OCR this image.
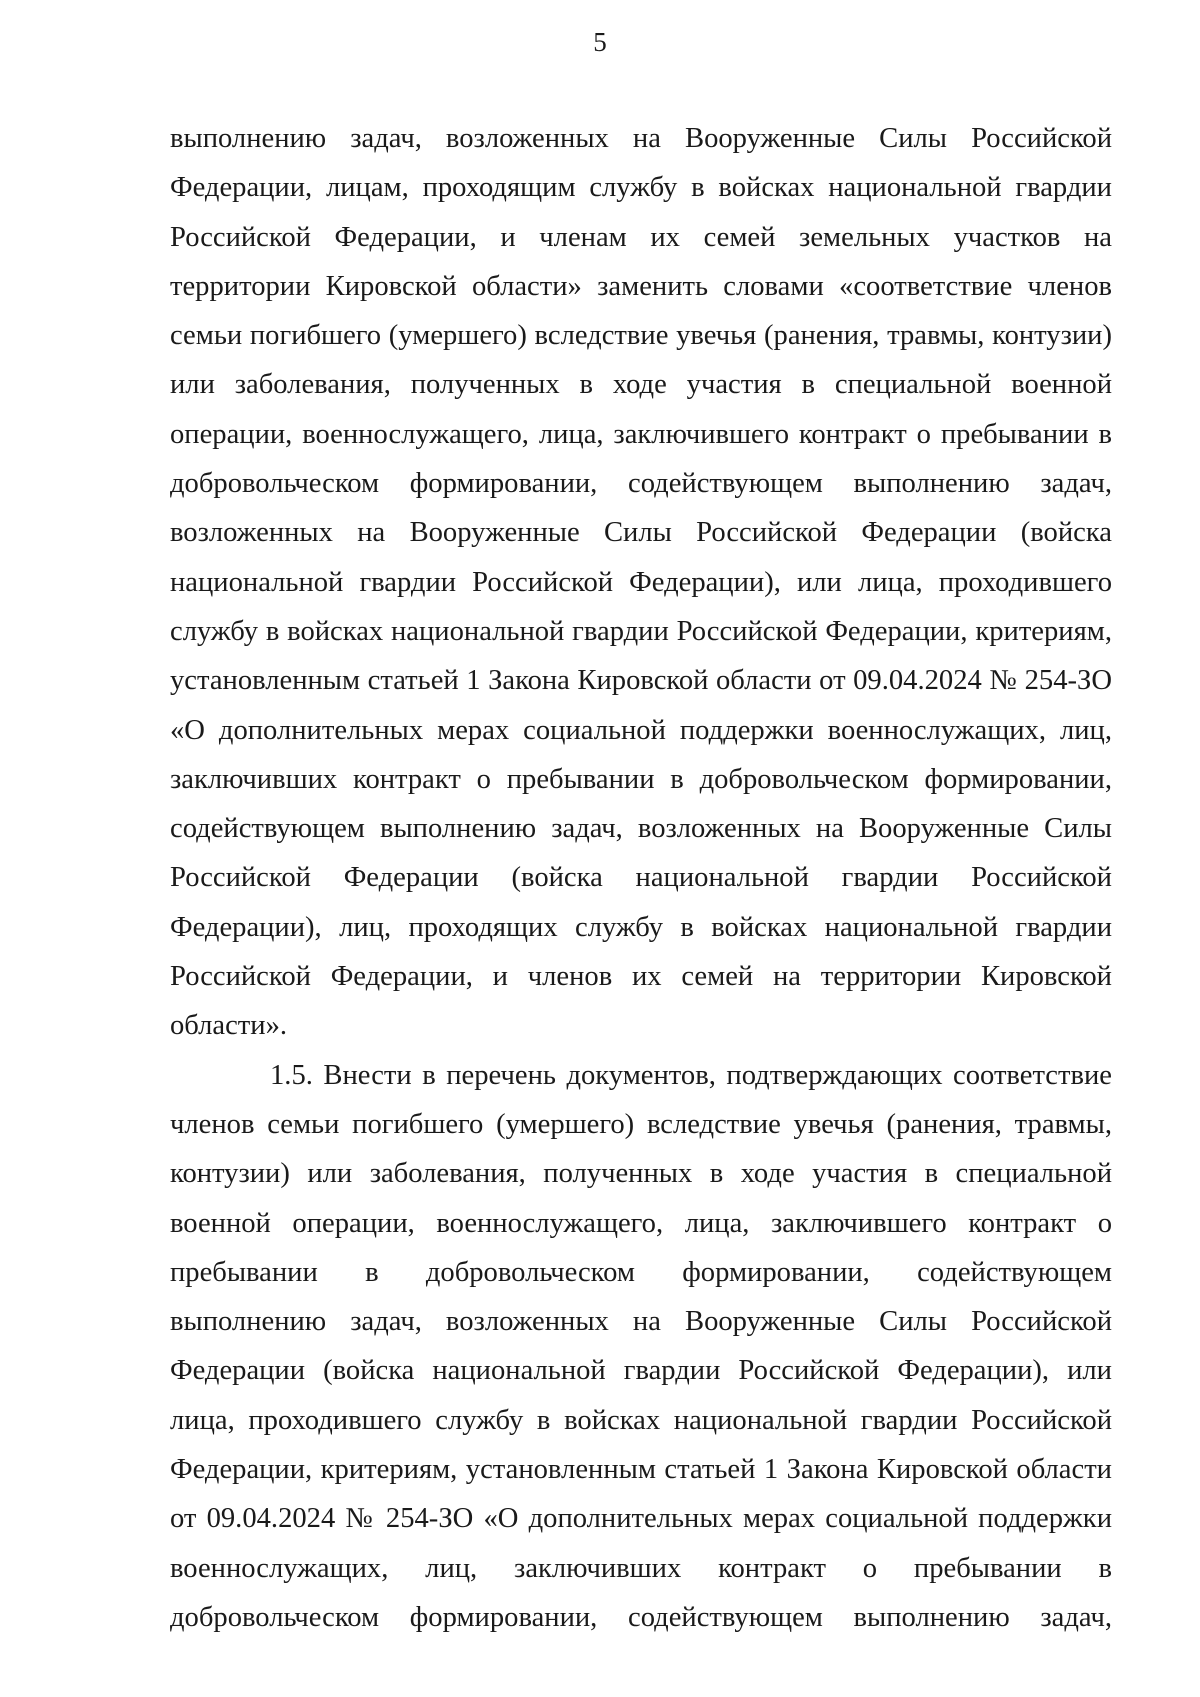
5

выполнению задач, возложенных на Вооруженные Силы Российской Федерации, лицам, проходящим службу в войсках национальной гвардии Российской Федерации, и членам их семей земельных участков на территории Кировской области» заменить словами «соответствие членов семьи погибшего (умершего) вследствие увечья (ранения, травмы, контузии) или заболевания, полученных в ходе участия в специальной военной операции, военнослужащего, лица, заключившего контракт о пребывании в добровольческом формировании, содействующем выполнению задач, возложенных на Вооруженные Силы Российской Федерации (войска национальной гвардии Российской Федерации), или лица, проходившего службу в войсках национальной гвардии Российской Федерации, критериям, установленным статьей 1 Закона Кировской области от 09.04.2024 № 254-ЗО «О дополнительных мерах социальной поддержки военнослужащих, лиц, заключивших контракт о пребывании в добровольческом формировании, содействующем выполнению задач, возложенных на Вооруженные Силы Российской Федерации (войска национальной гвардии Российской Федерации), лиц, проходящих службу в войсках национальной гвардии Российской Федерации, и членов их семей на территории Кировской области».

1.5. Внести в перечень документов, подтверждающих соответствие членов семьи погибшего (умершего) вследствие увечья (ранения, травмы, контузии) или заболевания, полученных в ходе участия в специальной военной операции, военнослужащего, лица, заключившего контракт о пребывании в добровольческом формировании, содействующем выполнению задач, возложенных на Вооруженные Силы Российской Федерации (войска национальной гвардии Российской Федерации), или лица, проходившего службу в войсках национальной гвардии Российской Федерации, критериям, установленным статьей 1 Закона Кировской области от 09.04.2024 № 254-ЗО «О дополнительных мерах социальной поддержки военнослужащих, лиц, заключивших контракт о пребывании в добровольческом формировании, содействующем выполнению задач,
